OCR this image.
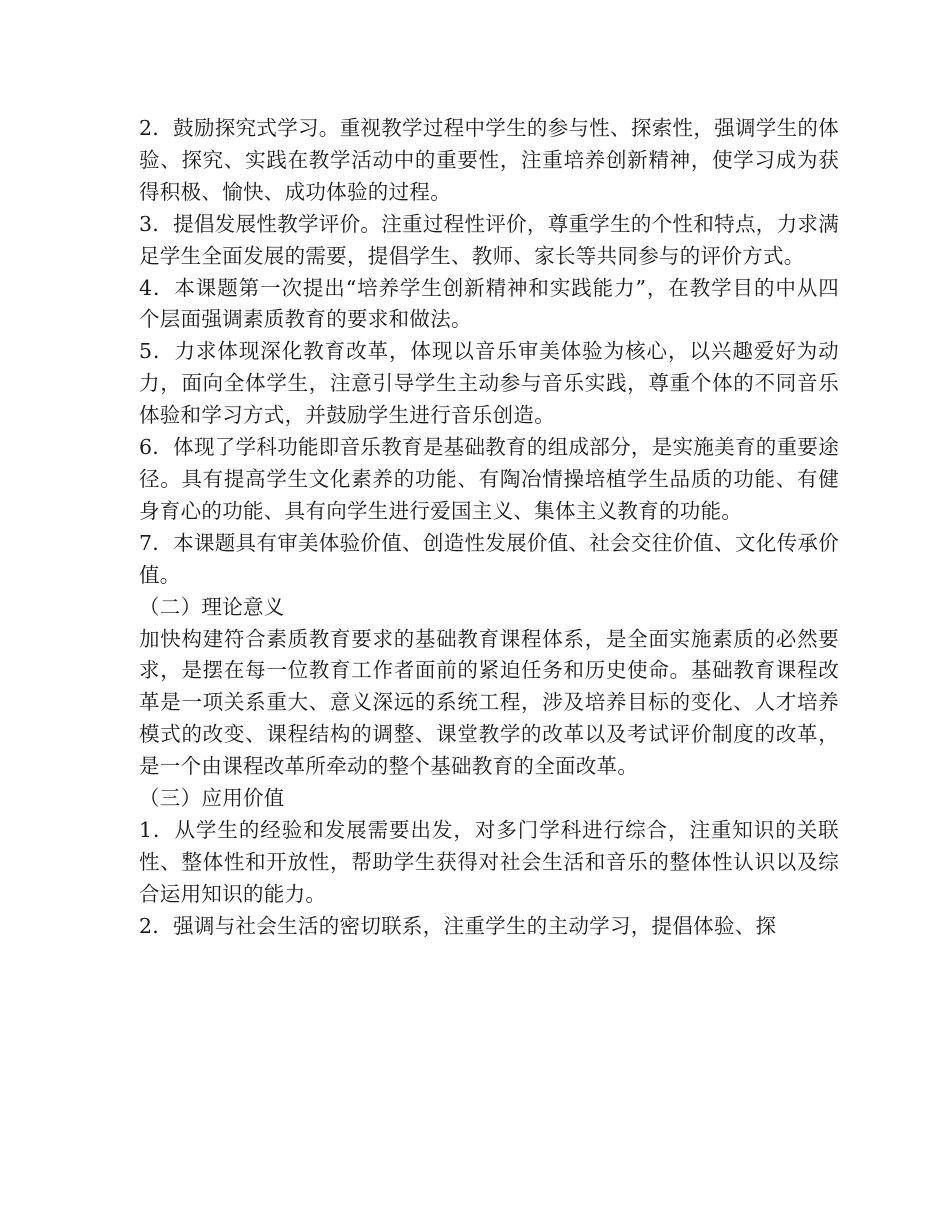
2．鼓励探究式学习。重视教学过程中学生的参与性、探索性，强调学生的体验、探究、实践在教学活动中的重要性，注重培养创新精神，使学习成为获得积极、愉快、成功体验的过程。

3．提倡发展性教学评价。注重过程性评价，尊重学生的个性和特点，力求满足学生全面发展的需要，提倡学生、教师、家长等共同参与的评价方式。

4．本课题第一次提出“培养学生创新精神和实践能力”，在教学目的中从四个层面强调素质教育的要求和做法。

5．力求体现深化教育改革，体现以音乐审美体验为核心，以兴趣爱好为动力，面向全体学生，注意引导学生主动参与音乐实践，尊重个体的不同音乐体验和学习方式，并鼓励学生进行音乐创造。

6．体现了学科功能即音乐教育是基础教育的组成部分，是实施美育的重要途径。具有提高学生文化素养的功能、有陶冶情操培植学生品质的功能、有健身育心的功能、具有向学生进行爱国主义、集体主义教育的功能。

7．本课题具有审美体验价值、创造性发展价值、社会交往价值、文化传承价值。

（二）理论意义

加快构建符合素质教育要求的基础教育课程体系，是全面实施素质的必然要求，是摆在每一位教育工作者面前的紧迫任务和历史使命。基础教育课程改革是一项关系重大、意义深远的系统工程，涉及培养目标的变化、人才培养模式的改变、课程结构的调整、课堂教学的改革以及考试评价制度的改革，是一个由课程改革所牵动的整个基础教育的全面改革。

（三）应用价值

1．从学生的经验和发展需要出发，对多门学科进行综合，注重知识的关联性、整体性和开放性，帮助学生获得对社会生活和音乐的整体性认识以及综合运用知识的能力。

2．强调与社会生活的密切联系，注重学生的主动学习，提倡体验、探
